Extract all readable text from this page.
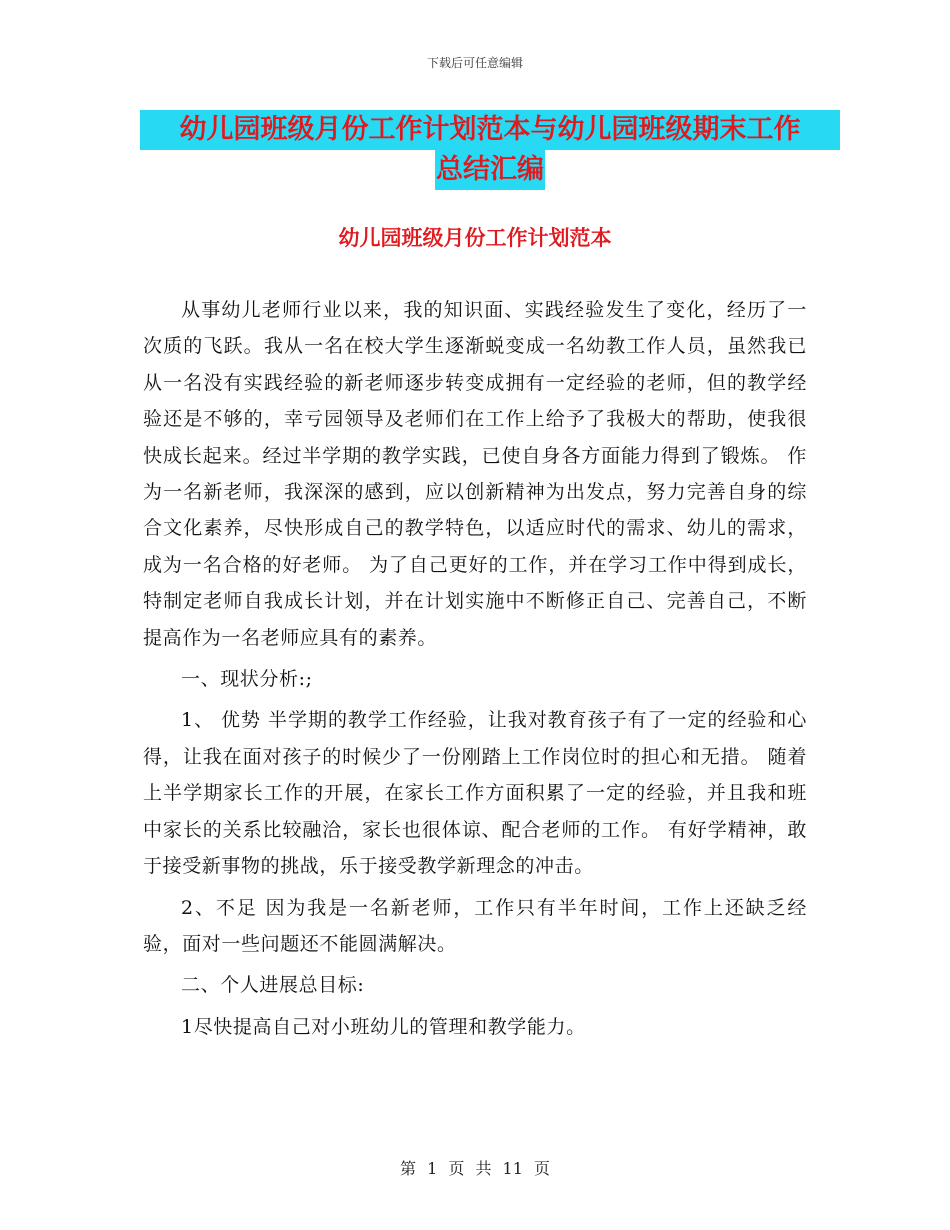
下载后可任意编辑
幼儿园班级月份工作计划范本与幼儿园班级期末工作
总结汇编
幼儿园班级月份工作计划范本

从事幼儿老师行业以来，我的知识面、实践经验发生了变化，经历了一次质的飞跃。我从一名在校大学生逐渐蜕变成一名幼教工作人员，虽然我已从一名没有实践经验的新老师逐步转变成拥有一定经验的老师，但的教学经验还是不够的，幸亏园领导及老师们在工作上给予了我极大的帮助，使我很快成长起来。经过半学期的教学实践，已使自身各方面能力得到了锻炼。 作为一名新老师，我深深的感到，应以创新精神为出发点，努力完善自身的综合文化素养，尽快形成自己的教学特色，以适应时代的需求、幼儿的需求，成为一名合格的好老师。 为了自己更好的工作，并在学习工作中得到成长，特制定老师自我成长计划，并在计划实施中不断修正自己、完善自己，不断提高作为一名老师应具有的素养。

一、现状分析:;

1、 优势 半学期的教学工作经验，让我对教育孩子有了一定的经验和心得，让我在面对孩子的时候少了一份刚踏上工作岗位时的担心和无措。 随着上半学期家长工作的开展，在家长工作方面积累了一定的经验，并且我和班中家长的关系比较融洽，家长也很体谅、配合老师的工作。 有好学精神，敢于接受新事物的挑战，乐于接受教学新理念的冲击。

2、不足 因为我是一名新老师，工作只有半年时间，工作上还缺乏经验，面对一些问题还不能圆满解决。

二、个人进展总目标:

1尽快提高自己对小班幼儿的管理和教学能力。

第 1 页 共 11 页
